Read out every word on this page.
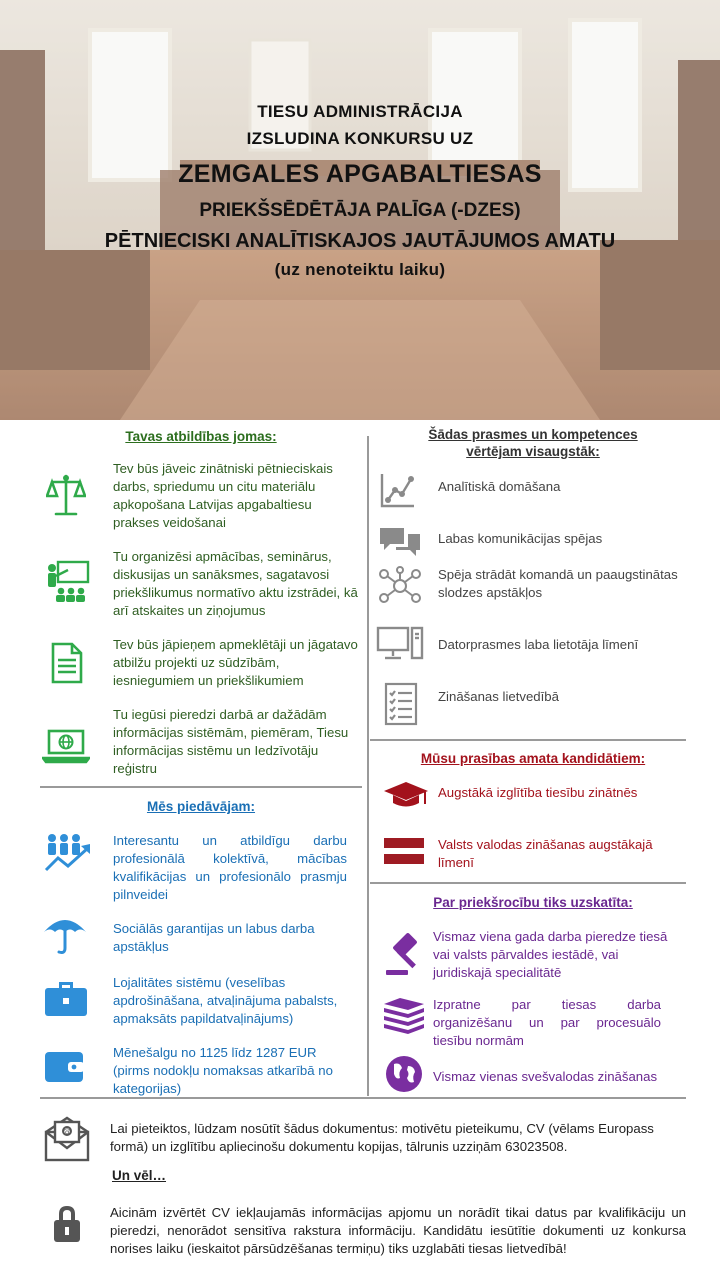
TIESU ADMINISTRĀCIJA
IZSLUDINA KONKURSU UZ
ZEMGALES APGABALTIESAS
PRIEKŠSĒDĒTĀJA PALĪGA (-DZES)
PĒTNIECISKI ANALĪTISKAJOS JAUTĀJUMOS AMATU
(uz nenoteiktu laiku)
Tavas atbildības jomas:
Tev būs jāveic zinātniski pētnieciskais darbs, spriedumu un citu materiālu apkopošana Latvijas apgabaltiesu prakses veidošanai
Tu organizēsi apmācības, seminārus, diskusijas un sanāksmes, sagatavosi priekšlikumus normatīvo aktu izstrādei, kā arī atskaites un ziņojumus
Tev būs jāpieņem apmeklētāji un jāgatavo atbilžu projekti uz sūdzībām, iesniegumiem un priekšlikumiem
Tu iegūsi pieredzi darbā ar dažādām informācijas sistēmām, piemēram, Tiesu informācijas sistēmu un Iedzīvotāju reģistru
Mēs piedāvājam:
Interesantu un atbildīgu darbu profesionālā kolektīvā, mācības kvalifikācijas un profesionālo prasmju pilnveidei
Sociālās garantijas un labus darba apstākļus
Lojalitātes sistēmu (veselības apdrošināšana, atvaļinājuma pabalsts, apmaksāts papildatvaļinājums)
Mēnešalgu no 1125 līdz 1287 EUR (pirms nodokļu nomaksas atkarībā no kategorijas)
Šādas prasmes un kompetences
vērtējam visaugstāk:
Analītiskā domāšana
Labas komunikācijas spējas
Spēja strādāt komandā un paaugstinātas slodzes apstākļos
Datorprasmes laba lietotāja līmenī
Zināšanas lietvedībā
Mūsu prasības amata kandidātiem:
Augstākā izglītība tiesību zinātnēs
Valsts valodas zināšanas augstākajā līmenī
Par priekšrocību tiks uzskatīta:
Vismaz viena gada darba pieredze tiesā vai valsts pārvaldes iestādē, vai juridiskajā specialitātē
Izpratne par tiesas darba organizēšanu un par procesuālo tiesību normām
Vismaz vienas svešvalodas zināšanas
@	Lai pieteiktos, lūdzam nosūtīt šādus dokumentus: motivētu pieteikumu, CV (vēlams Europass formā) un izglītību apliecinošu dokumentu kopijas, tālrunis uzziņām 63023508.
Un vēl…
Aicinām izvērtēt CV iekļaujamās informācijas apjomu un norādīt tikai datus par kvalifikāciju un pieredzi, nenorādot sensitīva rakstura informāciju. Kandidātu iesūtītie dokumenti uz konkursa norises laiku (ieskaitot pārsūdzēšanas termiņu) tiks uzglabāti tiesas lietvedībā!
